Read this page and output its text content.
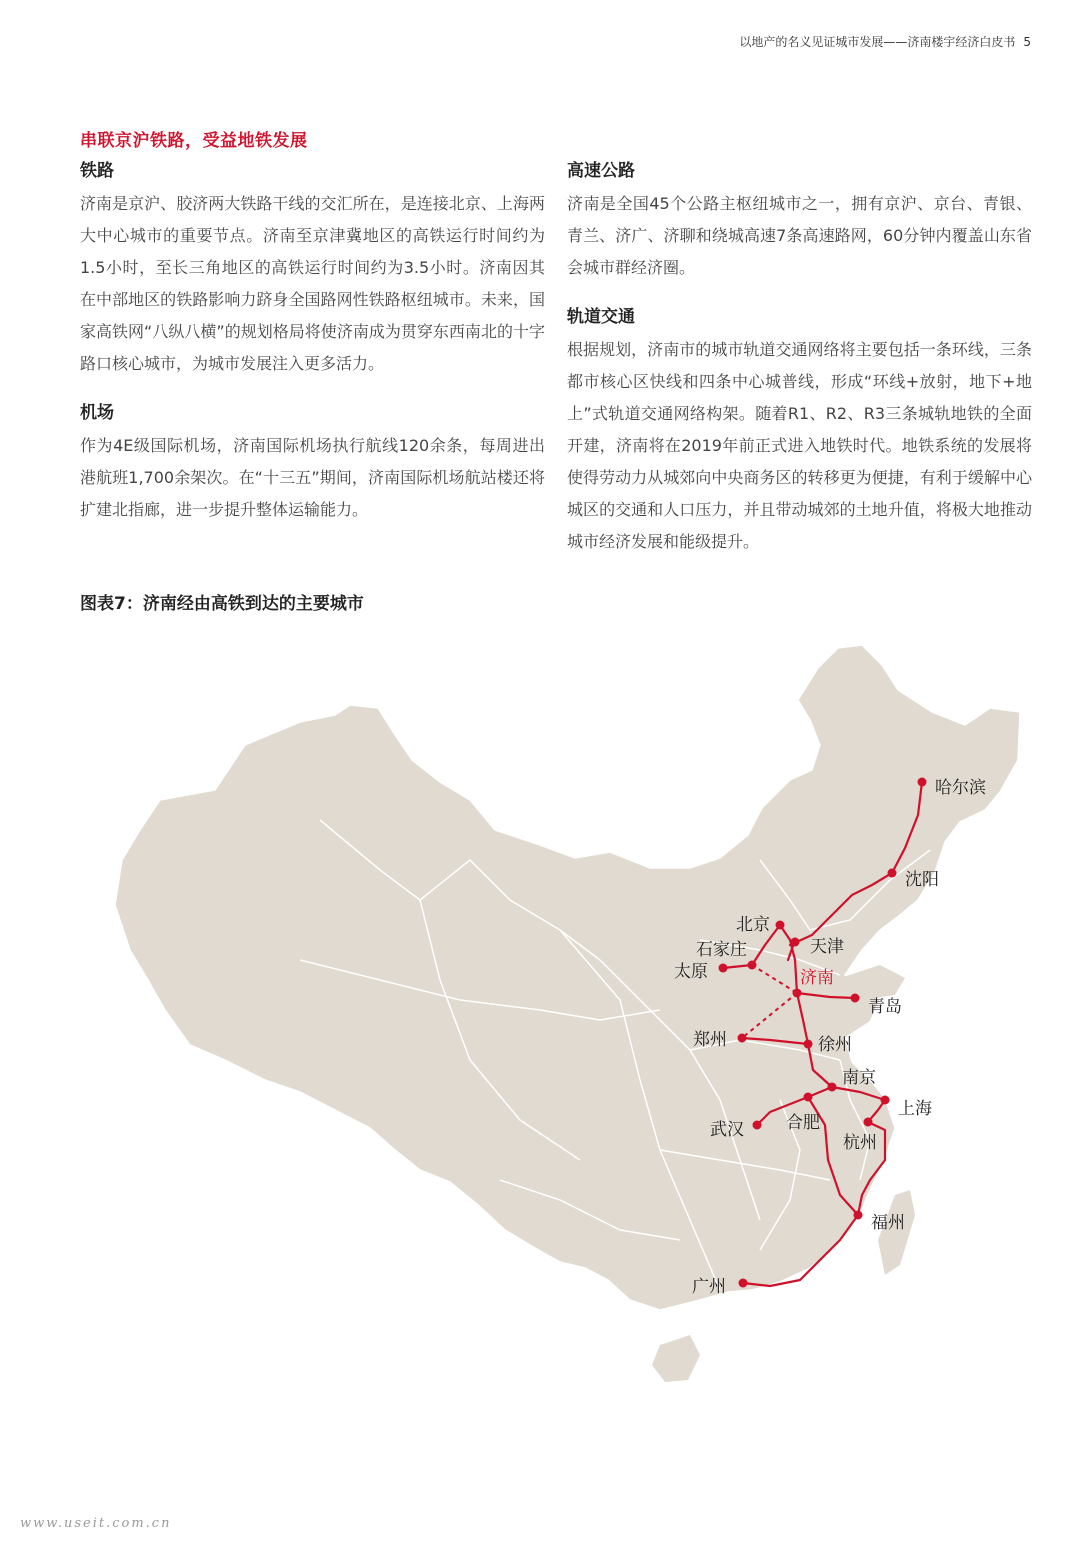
以地产的名义见证城市发展——济南楼宇经济白皮书 5
串联京沪铁路，受益地铁发展
铁路

济南是京沪、胶济两大铁路干线的交汇所在，是连接北京、上海两大中心城市的重要节点。济南至京津冀地区的高铁运行时间约为1.5小时，至长三角地区的高铁运行时间约为3.5小时。济南因其在中部地区的铁路影响力跻身全国路网性铁路枢纽城市。未来，国家高铁网“八纵八横”的规划格局将使济南成为贯穿东西南北的十字路口核心城市，为城市发展注入更多活力。

机场

作为4E级国际机场，济南国际机场执行航线120余条，每周进出港航班1,700余架次。在“十三五”期间，济南国际机场航站楼还将扩建北指廊，进一步提升整体运输能力。

高速公路

济南是全国45个公路主枢纽城市之一，拥有京沪、京台、青银、青兰、济广、济聊和绕城高速7条高速路网，60分钟内覆盖山东省会城市群经济圈。

轨道交通

根据规划，济南市的城市轨道交通网络将主要包括一条环线，三条都市核心区快线和四条中心城普线，形成“环线+放射，地下+地上”式轨道交通网络构架。随着R1、R2、R3三条城轨地铁的全面开建，济南将在2019年前正式进入地铁时代。地铁系统的发展将使得劳动力从城郊向中央商务区的转移更为便捷，有利于缓解中心城区的交通和人口压力，并且带动城郊的土地升值，将极大地推动城市经济发展和能级提升。

图表7：济南经由高铁到达的主要城市
哈尔滨
沈阳
北京
天津
石家庄
太原	济南
青岛
郑州	徐州
南京
上海
合肥
武汉
杭州
福州
广州
www.useit.com.cn
